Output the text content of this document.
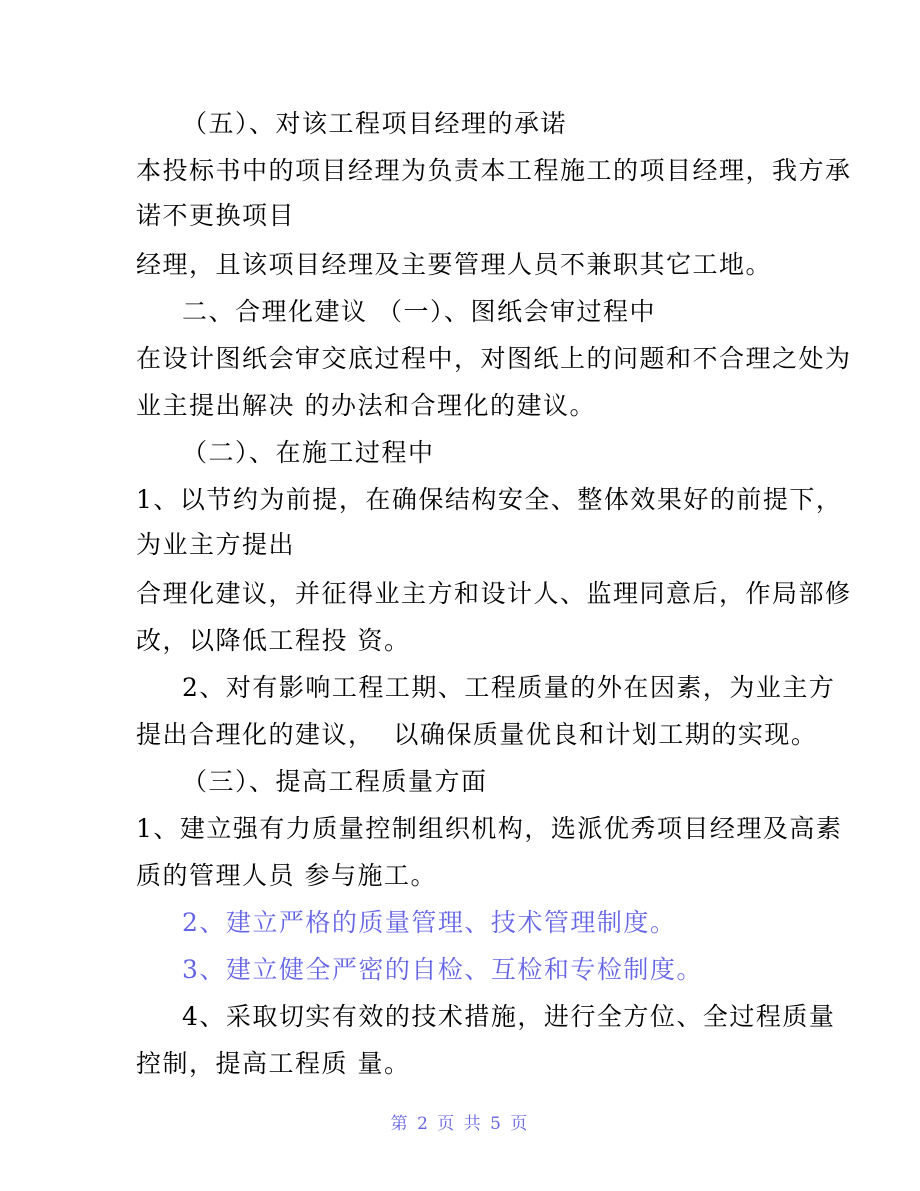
（五）、对该工程项目经理的承诺
本投标书中的项目经理为负责本工程施工的项目经理，我方承
诺不更换项目
经理，且该项目经理及主要管理人员不兼职其它工地。
二、合理化建议 （一）、图纸会审过程中
在设计图纸会审交底过程中，对图纸上的问题和不合理之处为
业主提出解决 的办法和合理化的建议。
（二）、在施工过程中
1、以节约为前提，在确保结构安全、整体效果好的前提下，
为业主方提出
合理化建议，并征得业主方和设计人、监理同意后，作局部修
改，以降低工程投 资。
2、对有影响工程工期、工程质量的外在因素，为业主方
提出合理化的建议，  以确保质量优良和计划工期的实现。
（三）、提高工程质量方面
1、建立强有力质量控制组织机构，选派优秀项目经理及高素
质的管理人员 参与施工。
2、建立严格的质量管理、技术管理制度。
3、建立健全严密的自检、互检和专检制度。
4、采取切实有效的技术措施，进行全方位、全过程质量
控制，提高工程质 量。
第 2 页 共 5 页
